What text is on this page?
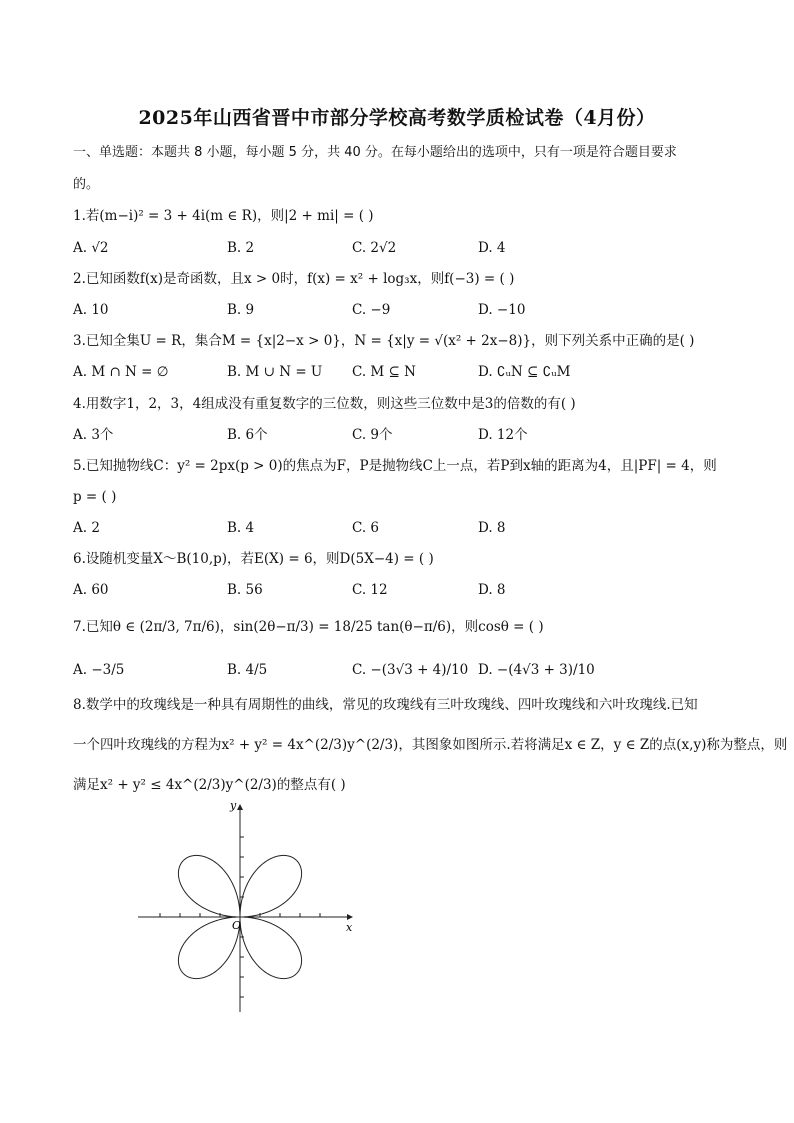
2025年山西省晋中市部分学校高考数学质检试卷（4月份）
一、单选题：本题共 8 小题，每小题 5 分，共 40 分。在每小题给出的选项中，只有一项是符合题目要求
的。
1.若(m−i)² = 3 + 4i(m ∈ R)，则|2 + mi| = ( )
A. √2	B. 2	C. 2√2	D. 4
2.已知函数f(x)是奇函数，且x > 0时，f(x) = x² + log₃x，则f(−3) = ( )
A. 10	B. 9	C. −9	D. −10
3.已知全集U = R，集合M = {x|2−x > 0}，N = {x|y = √(x² + 2x−8)}，则下列关系中正确的是( )
A. M ∩ N = ∅	B. M ∪ N = U C. M ⊆ N	D. ∁ᵤN ⊆ ∁ᵤM
4.用数字1，2，3，4组成没有重复数字的三位数，则这些三位数中是3的倍数的有( )
A. 3个	B. 6个	C. 9个	D. 12个
5.已知抛物线C：y² = 2px(p > 0)的焦点为F，P是抛物线C上一点，若P到x轴的距离为4，且|PF| = 4，则
p = ( )
A. 2	B. 4	C. 6	D. 8
6.设随机变量X～B(10,p)，若E(X) = 6，则D(5X−4) = ( )
A. 60	B. 56	C. 12	D. 8
7.已知θ ∈ (2π/3, 7π/6)，sin(2θ−π/3) = 18/25 tan(θ−π/6)，则cosθ = ( )
A. −3/5	B. 4/5	C. −(3√3 + 4)/10 D. −(4√3 + 3)/10
8.数学中的玫瑰线是一种具有周期性的曲线，常见的玫瑰线有三叶玫瑰线、四叶玫瑰线和六叶玫瑰线.已知
一个四叶玫瑰线的方程为x² + y² = 4x^(2/3)y^(2/3)，其图象如图所示.若将满足x ∈ Z，y ∈ Z的点(x,y)称为整点，则
满足x² + y² ≤ 4x^(2/3)y^(2/3)的整点有( )
O	x
y
